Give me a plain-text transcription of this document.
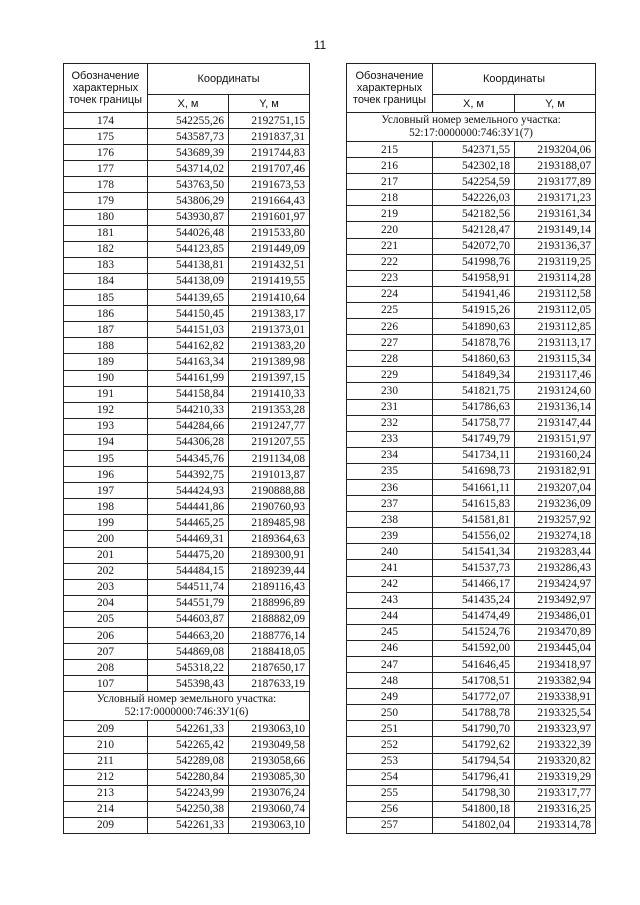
11
Обозначение характерных точек границы	Координаты	
	X, м	Y, м
174	542255,26	2192751,15
175	543587,73	2191837,31
176	543689,39	2191744,83
177	543714,02	2191707,46
178	543763,50	2191673,53
179	543806,29	2191664,43
180	543930,87	2191601,97
181	544026,48	2191533,80
182	544123,85	2191449,09
183	544138,81	2191432,51
184	544138,09	2191419,55
185	544139,65	2191410,64
186	544150,45	2191383,17
187	544151,03	2191373,01
188	544162,82	2191383,20
189	544163,34	2191389,98
190	544161,99	2191397,15
191	544158,84	2191410,33
192	544210,33	2191353,28
193	544284,66	2191247,77
194	544306,28	2191207,55
195	544345,76	2191134,08
196	544392,75	2191013,87
197	544424,93	2190888,88
198	544441,86	2190760,93
199	544465,25	2189485,98
200	544469,31	2189364,63
201	544475,20	2189300,91
202	544484,15	2189239,44
203	544511,74	2189116,43
204	544551,79	2188996,89
205	544603,87	2188882,09
206	544663,20	2188776,14
207	544869,08	2188418,05
208	545318,22	2187650,17
107	545398,43	2187633,19
Условный номер земельного участка: 52:17:0000000:746:ЗУ1(6)		
209	542261,33	2193063,10
210	542265,42	2193049,58
211	542289,08	2193058,66
212	542280,84	2193085,30
213	542243,99	2193076,24
214	542250,38	2193060,74
209	542261,33	2193063,10
Обозначение характерных точек границы	Координаты	
	X, м	Y, м
Условный номер земельного участка: 52:17:0000000:746:ЗУ1(7)		
215	542371,55	2193204,06
216	542302,18	2193188,07
217	542254,59	2193177,89
218	542226,03	2193171,23
219	542182,56	2193161,34
220	542128,47	2193149,14
221	542072,70	2193136,37
222	541998,76	2193119,25
223	541958,91	2193114,28
224	541941,46	2193112,58
225	541915,26	2193112,05
226	541890,63	2193112,85
227	541878,76	2193113,17
228	541860,63	2193115,34
229	541849,34	2193117,46
230	541821,75	2193124,60
231	541786,63	2193136,14
232	541758,77	2193147,44
233	541749,79	2193151,97
234	541734,11	2193160,24
235	541698,73	2193182,91
236	541661,11	2193207,04
237	541615,83	2193236,09
238	541581,81	2193257,92
239	541556,02	2193274,18
240	541541,34	2193283,44
241	541537,73	2193286,43
242	541466,17	2193424,97
243	541435,24	2193492,97
244	541474,49	2193486,01
245	541524,76	2193470,89
246	541592,00	2193445,04
247	541646,45	2193418,97
248	541708,51	2193382,94
249	541772,07	2193338,91
250	541788,78	2193325,54
251	541790,70	2193323,97
252	541792,62	2193322,39
253	541794,54	2193320,82
254	541796,41	2193319,29
255	541798,30	2193317,77
256	541800,18	2193316,25
257	541802,04	2193314,78
